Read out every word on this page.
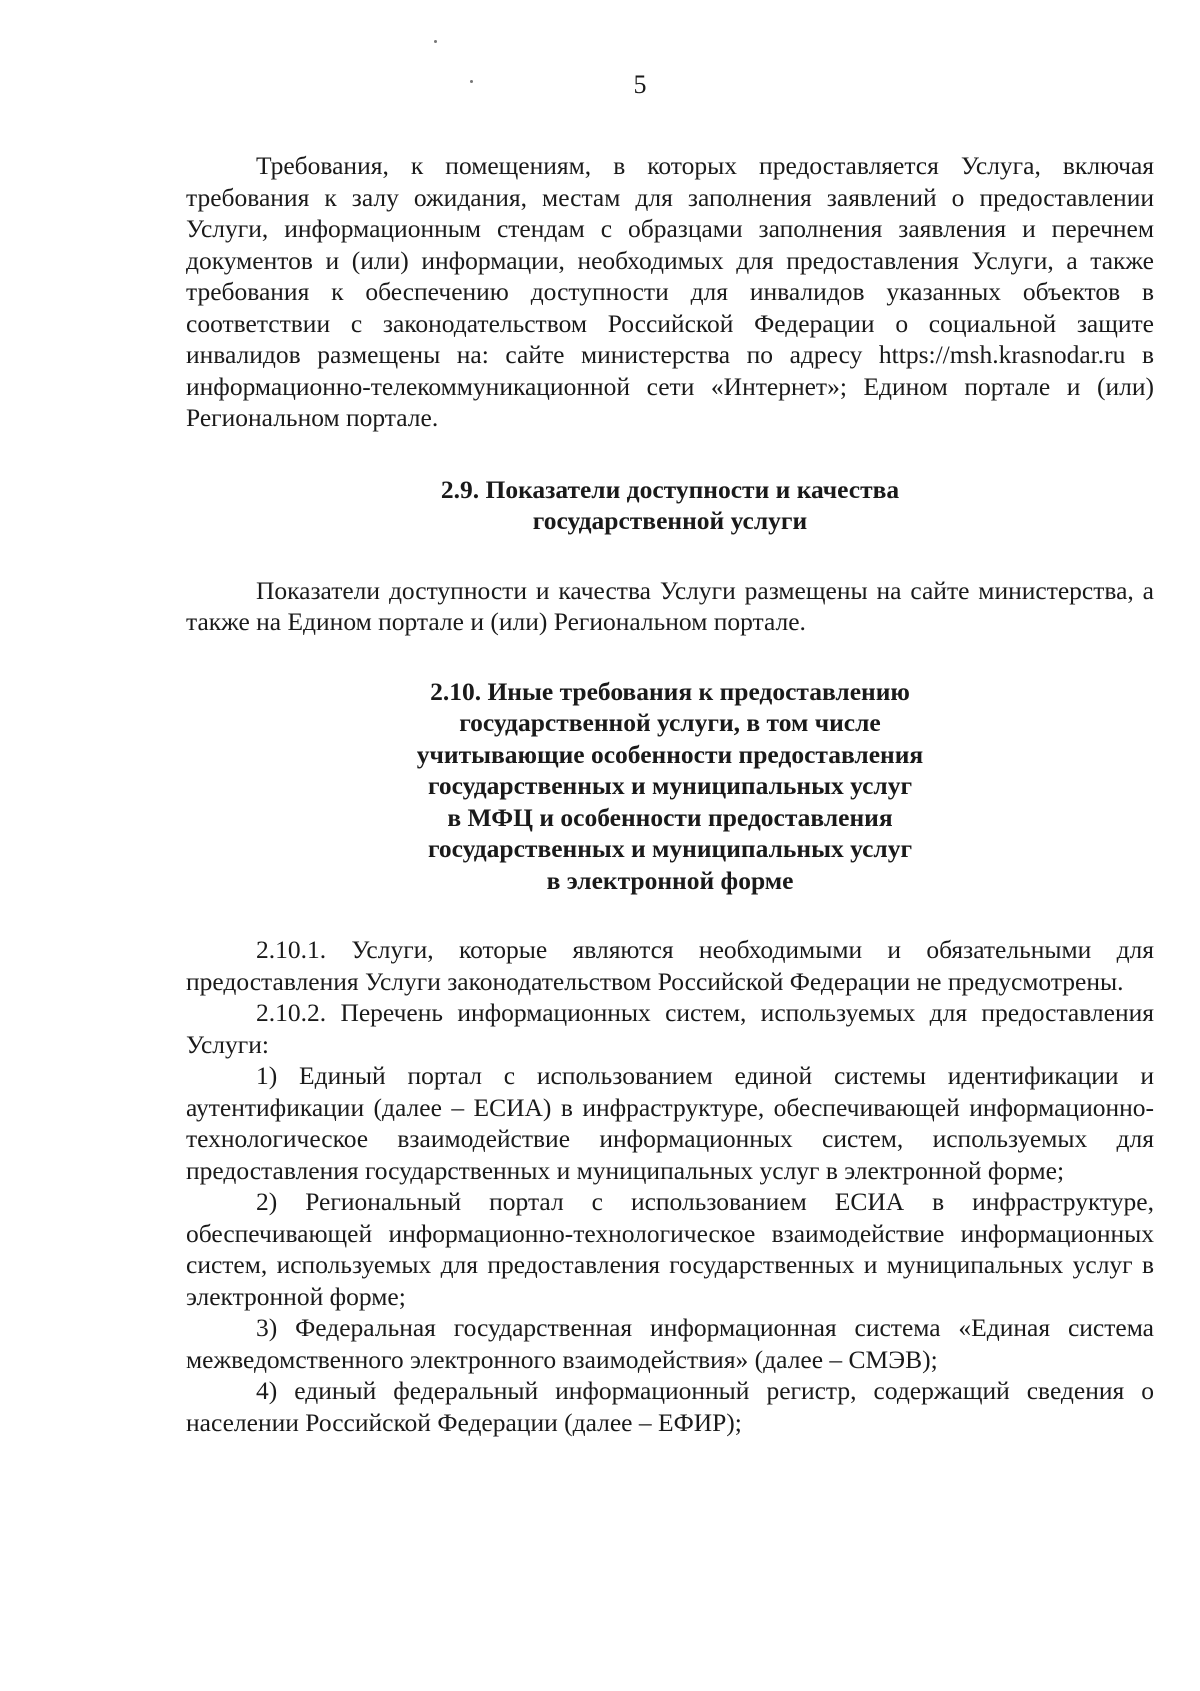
5

Требования, к помещениям, в которых предоставляется Услуга, включая требования к залу ожидания, местам для заполнения заявлений о предоставлении Услуги, информационным стендам с образцами заполнения заявления и перечнем документов и (или) информации, необходимых для предоставления Услуги, а также требования к обеспечению доступности для инвалидов указанных объектов в соответствии с законодательством Российской Федерации о социальной защите инвалидов размещены на: сайте министерства по адресу https://msh.krasnodar.ru в информационно-телекоммуникационной сети «Интернет»; Едином портале и (или) Региональном портале.

2.9. Показатели доступности и качества
государственной услуги

Показатели доступности и качества Услуги размещены на сайте министерства, а также на Едином портале и (или) Региональном портале.

2.10. Иные требования к предоставлению
государственной услуги, в том числе
учитывающие особенности предоставления
государственных и муниципальных услуг
в МФЦ и особенности предоставления
государственных и муниципальных услуг
в электронной форме

2.10.1. Услуги, которые являются необходимыми и обязательными для предоставления Услуги законодательством Российской Федерации не предусмотрены.

2.10.2. Перечень информационных систем, используемых для предоставления Услуги:

1) Единый портал с использованием единой системы идентификации и аутентификации (далее – ЕСИА) в инфраструктуре, обеспечивающей информационно-технологическое взаимодействие информационных систем, используемых для предоставления государственных и муниципальных услуг в электронной форме;

2) Региональный портал с использованием ЕСИА в инфраструктуре, обеспечивающей информационно-технологическое взаимодействие информационных систем, используемых для предоставления государственных и муниципальных услуг в электронной форме;

3) Федеральная государственная информационная система «Единая система межведомственного электронного взаимодействия» (далее – СМЭВ);

4) единый федеральный информационный регистр, содержащий сведения о населении Российской Федерации (далее – ЕФИР);
